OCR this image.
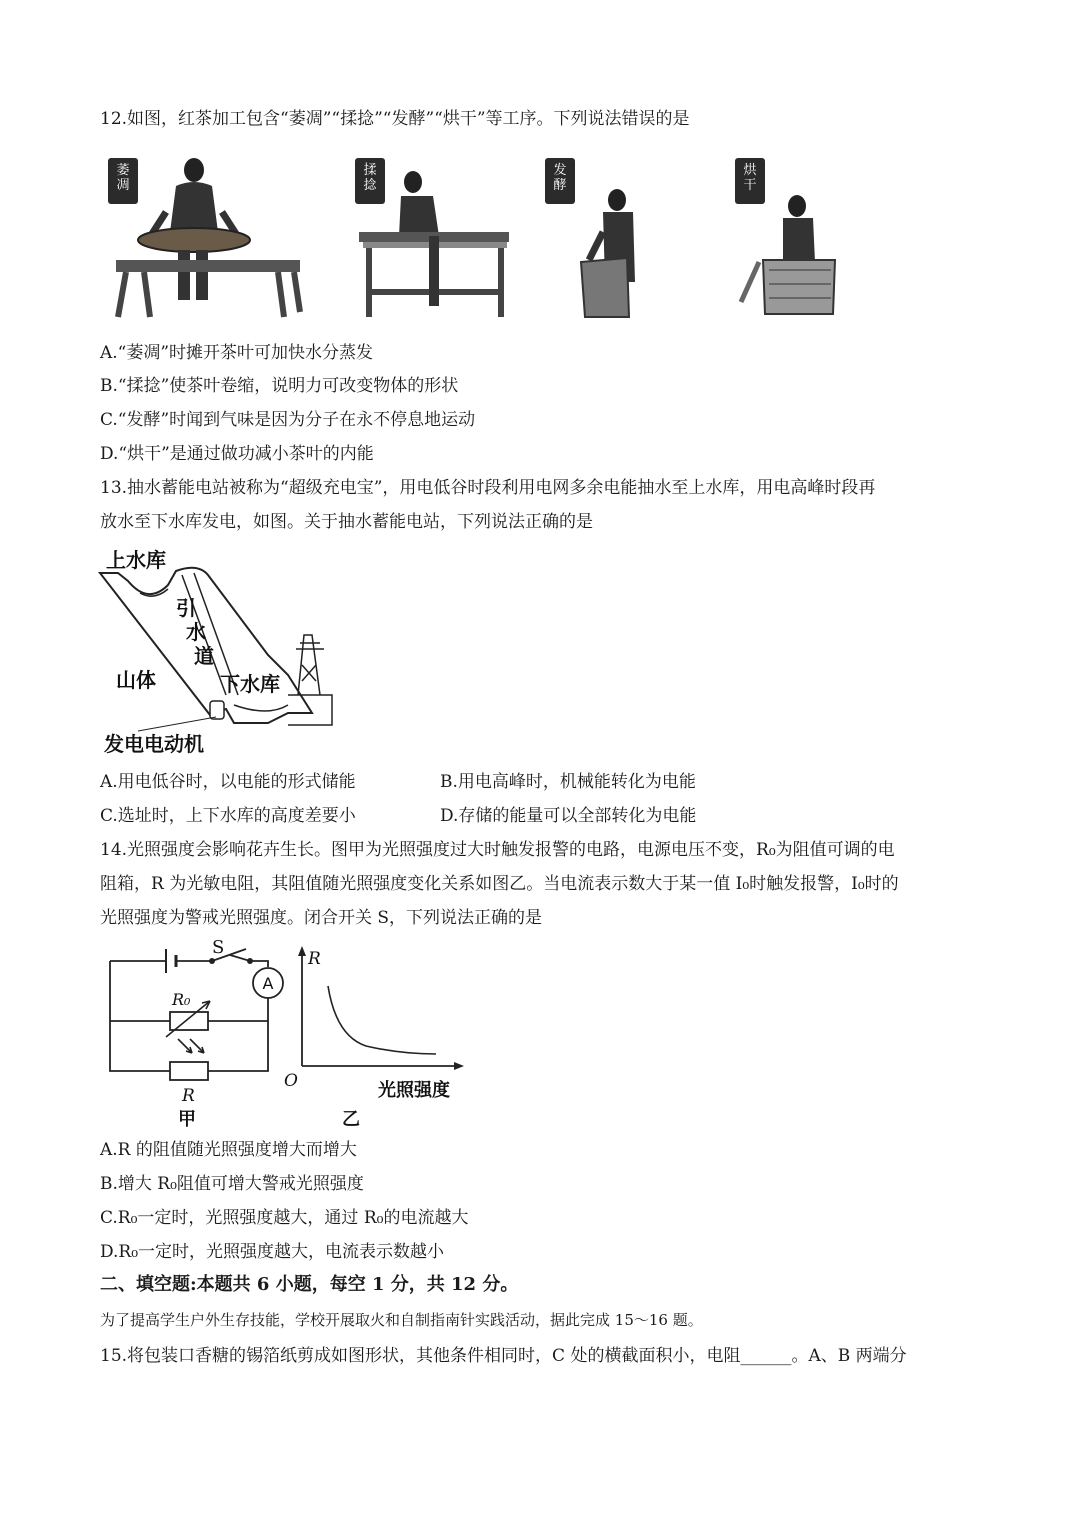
12.如图，红茶加工包含“萎凋”“揉捻”“发酵”“烘干”等工序。下列说法错误的是
萎
凋
揉
捻
发
酵
烘
干
A.“萎凋”时摊开茶叶可加快水分蒸发
B.“揉捻”使茶叶卷缩，说明力可改变物体的形状
C.“发酵”时闻到气味是因为分子在永不停息地运动
D.“烘干”是通过做功减小茶叶的内能
13.抽水蓄能电站被称为“超级充电宝”，用电低谷时段利用电网多余电能抽水至上水库，用电高峰时段再
放水至下水库发电，如图。关于抽水蓄能电站，下列说法正确的是
上水库
引
水
道
山体	下水库
发电电动机
A.用电低谷时，以电能的形式储能	B.用电高峰时，机械能转化为电能
C.选址时，上下水库的高度差要小	D.存储的能量可以全部转化为电能
14.光照强度会影响花卉生长。图甲为光照强度过大时触发报警的电路，电源电压不变，R₀为阻值可调的电
阻箱，R 为光敏电阻，其阻值随光照强度变化关系如图乙。当电流表示数大于某一值 I₀时触发报警，I₀时的
光照强度为警戒光照强度。闭合开关 S，下列说法正确的是
A
S
R₀
R
甲
R
O	光照强度
乙
A.R 的阻值随光照强度增大而增大
B.增大 R₀阻值可增大警戒光照强度
C.R₀一定时，光照强度越大，通过 R₀的电流越大
D.R₀一定时，光照强度越大，电流表示数越小
二、填空题:本题共 6 小题，每空 1 分，共 12 分。
为了提高学生户外生存技能，学校开展取火和自制指南针实践活动，据此完成 15～16 题。
15.将包装口香糖的锡箔纸剪成如图形状，其他条件相同时，C 处的横截面积小，电阻______。A、B 两端分
